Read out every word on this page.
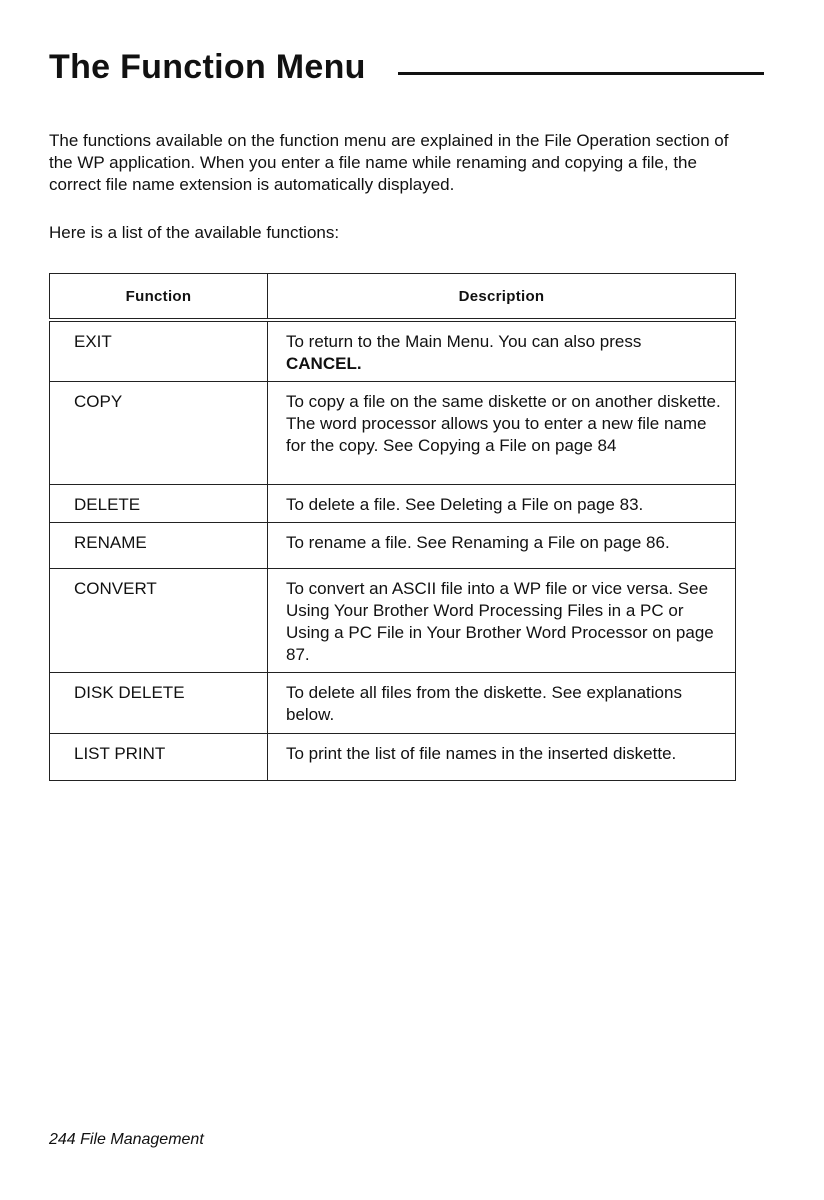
The Function Menu

The functions available on the function menu are explained in the File Operation section of the WP application. When you enter a file name while renaming and copying a file, the correct file name extension is automatically displayed.

Here is a list of the available functions:

Function	Description
EXIT	To return to the Main Menu. You can also press
CANCEL.
COPY	To copy a file on the same diskette or on another diskette. The word processor allows you to enter a new file name for the copy. See Copying a File on page 84
DELETE	To delete a file. See Deleting a File on page 83.
RENAME	To rename a file. See Renaming a File on page 86.
CONVERT	To convert an ASCII file into a WP file or vice versa. See Using Your Brother Word Processing Files in a PC or Using a PC File in Your Brother Word Processor on page 87.
DISK DELETE	To delete all files from the diskette. See explanations below.
LIST PRINT	To print the list of file names in the inserted diskette.
244 File Management
